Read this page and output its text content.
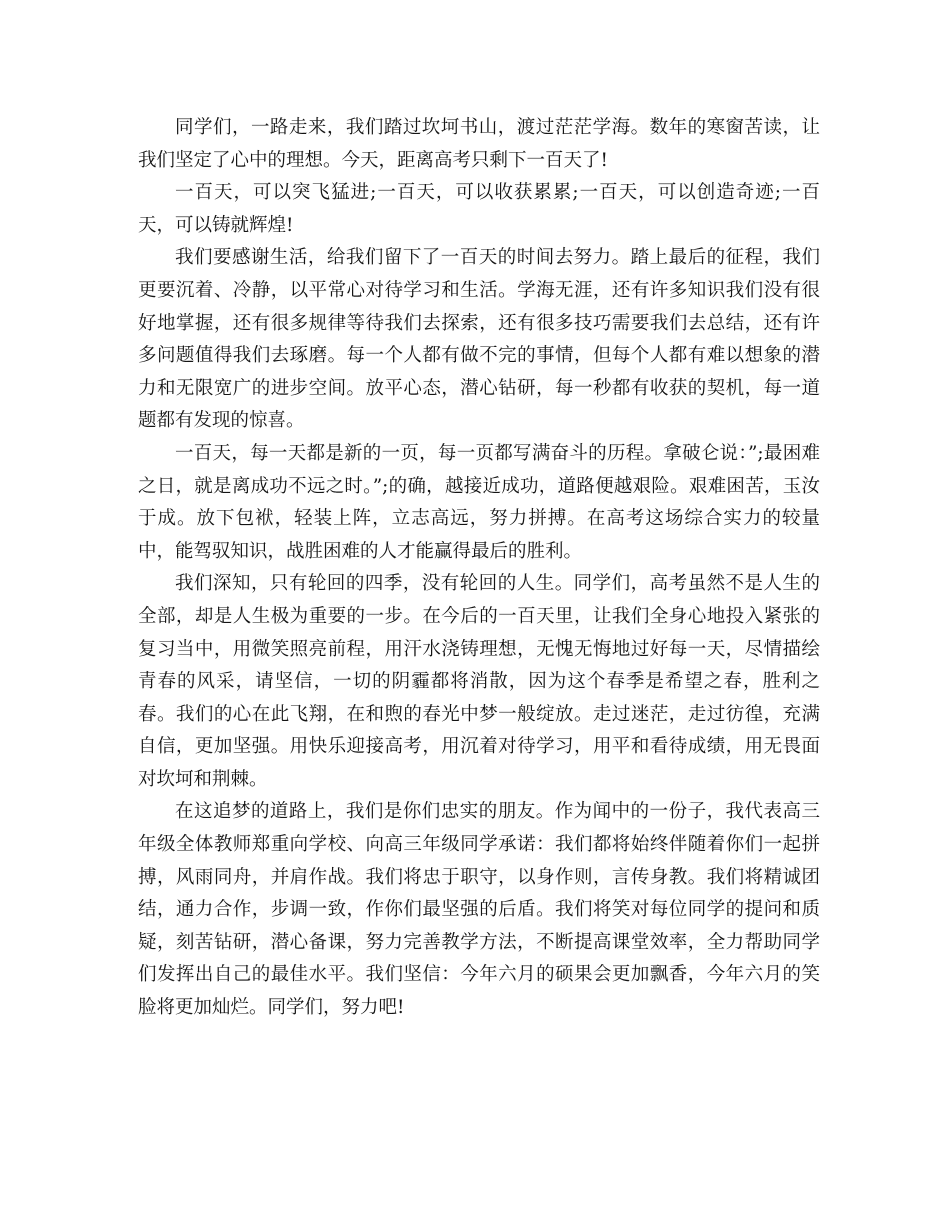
同学们，一路走来，我们踏过坎坷书山，渡过茫茫学海。数年的寒窗苦读，让我们坚定了心中的理想。今天，距离高考只剩下一百天了!

一百天，可以突飞猛进;一百天，可以收获累累;一百天，可以创造奇迹;一百天，可以铸就辉煌!

我们要感谢生活，给我们留下了一百天的时间去努力。踏上最后的征程，我们更要沉着、冷静，以平常心对待学习和生活。学海无涯，还有许多知识我们没有很好地掌握，还有很多规律等待我们去探索，还有很多技巧需要我们去总结，还有许多问题值得我们去琢磨。每一个人都有做不完的事情，但每个人都有难以想象的潜力和无限宽广的进步空间。放平心态，潜心钻研，每一秒都有收获的契机，每一道题都有发现的惊喜。

一百天，每一天都是新的一页，每一页都写满奋斗的历程。拿破仑说：”;最困难之日，就是离成功不远之时。”;的确，越接近成功，道路便越艰险。艰难困苦，玉汝于成。放下包袱，轻装上阵，立志高远，努力拼搏。在高考这场综合实力的较量中，能驾驭知识，战胜困难的人才能赢得最后的胜利。

我们深知，只有轮回的四季，没有轮回的人生。同学们，高考虽然不是人生的全部，却是人生极为重要的一步。在今后的一百天里，让我们全身心地投入紧张的复习当中，用微笑照亮前程，用汗水浇铸理想，无愧无悔地过好每一天，尽情描绘青春的风采，请坚信，一切的阴霾都将消散，因为这个春季是希望之春，胜利之春。我们的心在此飞翔，在和煦的春光中梦一般绽放。走过迷茫，走过彷徨，充满自信，更加坚强。用快乐迎接高考，用沉着对待学习，用平和看待成绩，用无畏面对坎坷和荆棘。

在这追梦的道路上，我们是你们忠实的朋友。作为闻中的一份子，我代表高三年级全体教师郑重向学校、向高三年级同学承诺：我们都将始终伴随着你们一起拼搏，风雨同舟，并肩作战。我们将忠于职守，以身作则，言传身教。我们将精诚团结，通力合作，步调一致，作你们最坚强的后盾。我们将笑对每位同学的提问和质疑，刻苦钻研，潜心备课，努力完善教学方法，不断提高课堂效率，全力帮助同学们发挥出自己的最佳水平。我们坚信：今年六月的硕果会更加飘香，今年六月的笑脸将更加灿烂。同学们，努力吧!
